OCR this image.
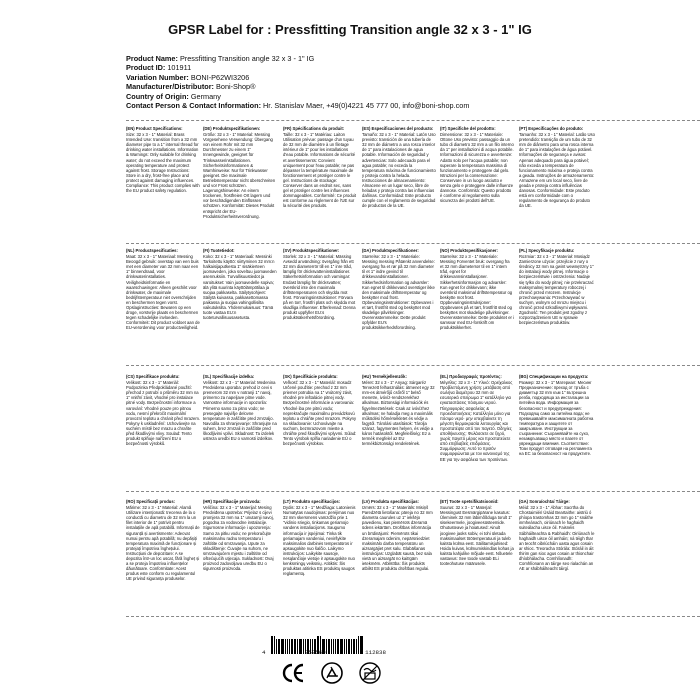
GPSR Label for : Pressfitting Transition angle 32 x 3 - 1" IG
Product Name: Pressfitting Transition angle 32 x 3 - 1" IG
Product ID: 101911
Variation Number: BONI-P62WI3206
Manufacturer/Distributor: Boni-Shop®
Country of Origin: Germany
Contact Person & Contact Information: Hr. Stanislav Maer, +49(0)4221 45 777 00, info@boni-shop.com
4	058569	112838
(EN) Product Specifications:
Size: 32 x 3 - 1" Material: Brass Intended Use: transition from a 32 mm diameter pipe to a 1" internal thread for drinking water installations. Information & Warnings: Only suitable for drinking water; do not exceed the maximum operating temperature and protect against frost. Storage Instructions: Store in a dry, frost-free place and protect against damaging influences. Compliance: This product complies with the EU product safety regulation.
(DE) Produktspezifikationen:
Größe: 32 x 3 - 1" Material: Messing Vorgesehene Verwendung: Übergang von einem Rohr mit 32 mm Durchmesser zu einem 1" Innengewinde, geeignet für Trinkwasserinstallationen. Sicherheitsinformationen & Warnhinweise: Nur für Trinkwasser geeignet. Die maximale Betriebstemperatur nicht überschreiten und vor Frost schützen. Lagerungshinweise: An einem trockenen, frostfreien Ort lagern und vor beschädigenden Einflüssen schützen. Konformität: Dieses Produkt entspricht der EU-Produktsicherheitsverordnung.
(FR) Spécifications du produit:
Taille: 32 x 3 - 1" Matériau: Laiton Utilisation prévue: passage d'un tuyau de 32 mm de diamètre à un filetage intérieur de 1" pour les installations d'eau potable. Informations de sécurité et avertissements: Convient uniquement pour l'eau potable; ne pas dépasser la température maximale de fonctionnement et protéger contre le gel. Instructions de stockage: Conserver dans un endroit sec, sans gel et protéger contre les influences dommageables. Conformité: Ce produit est conforme au règlement de l'UE sur la sécurité des produits.
(ES) Especificaciones del producto:
Tamaño: 32 x 3 - 1" Material: Latón Uso previsto: transición de una tubería de 32 mm de diámetro a una rosca interior de 1" para instalaciones de agua potable. Información de seguridad y advertencias: Solo adecuado para el agua potable; no exceda la temperatura máxima de funcionamiento y proteja contra la helada. Instrucciones de almacenamiento: Almacene en un lugar seco, libre de heladas y proteja contra las influencias dañinas. Conformidad: Este producto cumple con el reglamento de seguridad de productos de la UE.
(IT) Specifiche del prodotto:
Dimensione: 32 x 3 - 1" Materiale: Ottone Uso previsto: passaggio da un tubo di diametro 32 mm a un filo interno da 1" per installazioni di acqua potabile. Informazioni di sicurezza e avvertenze: Adatto solo per l'acqua potabile; non superare la temperatura massima di funzionamento e proteggere dal gelo. Istruzioni per la conservazione: Conservare in un luogo asciutto e senza gelo e proteggere dalle influenze dannose. Conformità: Questo prodotto è conforme al regolamento sulla sicurezza dei prodotti dell'UE.
(PT) Especificações do produto:
Tamanho: 32 x 3 - 1" Material: Latão Uso pretendido: transição de um tubo de 32 mm de diâmetro para uma rosca interna de 1" para instalações de água potável. Informações de segurança e avisos: Apenas adequado para água potável; não exceda a temperatura de funcionamento máxima e proteja contra a geada. Instruções de armazenamento: Armazene em um local seco, livre de geada e proteja contra influências danosas. Conformidade: Este produto está em conformidade com o regulamento de segurança do produto da UE.
(NL) Productspecificaties:
Maat: 32 x 3 - 1" Materiaal: Messing Beoogd gebruik: overstap van een buis met een diameter van 32 mm naar een 1" binnendraad, voor drinkwaterinstallaties. Veiligheidsinformatie en waarschuwingen: Alleen geschikt voor drinkwater, de maximale bedrijfstemperatuur niet overschrijden en beschermen tegen vorst. Opslaginstructies: Bewaren op een droge, vorstvrije plaats en beschermen tegen schadelijke invloeden. Conformiteit: Dit product voldoet aan de EU-verordening voor productveiligheid.
(FI) Tuotetiedot:
Koko: 32 x 3 - 1" Materiaali: Messinki Tarkoitettu käyttö: siirtyminen 32 mm:n halkaisijaputkesta 1" sisäkierteen juomaveden, joka soveltuu juomaveden asennuksiin. Turvallisuustiedot ja varoitukset: Vain juomavedelle sopiva; älä ylitä suurinta käyttölämpötilaa ja suojaa pakkaselta. Säilytysohjeet: Säilytä kuivassa, pakkasettomassa paikassa ja suojaa vahingollisilta vaikutuksilta. Yhdenmukaisuus: Tämä tuote vastaa EU:n tuoteturvallisuusasetusta.
(SV) Produktspecifikationer:
Storlek: 32 x 3 - 1" Material: Mässing Avsedd användning: övergång från ett 32 mm diameterrör till en 1" inre tråd, lämplig för dricksvatteninstallationer. Säkerhetsinformation och varningar: Endast lämplig för dricksvatten; överskrid inte den maximala driftstemperaturen och skydda mot frost. Förvaringsinstruktioner: Förvara på en torr, frostfri plats och skydda mot skadliga influenser. Efterlevnad: Denna produkt uppfyller EU:s produktsäkerhetsförordning.
(DA) Produktspecifikationer:
Størrelse: 32 x 3 - 1" Materiale: Messing messing Påtænkt anvendelse: overgang fra et rør på 32 mm diameter til et 1" indre gevind til drikkevandsinstallationer. Sikkerhedsinformation og advarsler: Kun egnet til drikkevand overstiger ikke den maksimale driftstemperatur og beskytter mod frost. Opbevaringsinstruktioner: Opbevares i et tørt, frostfrit sted og beskyttet mod skadelige påvirkninger. Overensstemmelse: Dette produkt opfylder EU's produktsikkerhedsforordning.
(NO) Produktspesifikasjoner:
Størrelse: 32 x 3 - 1" Materiale: Messing Forventet bruk: overgang fra et 32 mm diameterrør til en 1" intern tråd, egnet for drikkevannsinstallasjoner. Sikkerhetsinformasjon og advarsler: Kun egnet for drikkevann; ikke overskrid maksimal driftstemperatur og beskytte mot frost. Oppbevaringsinstruksjoner: Oppbevares på et tørt, frostfritt sted og beskyttes mot skadelige påvirkninger. Overensstemmelse: Dette produktet er i samsvar med EU-forskrift om produktsikkerhet.
(PL) Specyfikacje produktu:
Rozmiar: 32 x 3 - 1" Materiał: Mosiądz Zamierzone użycie: przejście z rury o średnicy 32 mm na gwint wewnętrzny 1" do instalacji wody pitnej. Informacje o bezpieczeństwie i ostrzeżenia: Nadaje się tylko do wody pitnej; nie przekraczać maksymalnej temperatury roboczej i chronić przed mrozem. Instrukcje przechowywania: Przechowywać w suchym, wolnym od mrozu miejscu i chronić przed szkodliwymi wpływami. Zgodność: Ten produkt jest zgodny z rozporządzeniem UE w sprawie bezpieczeństwa produktów.
(CS) Specifikace produktu:
Velikost: 32 x 3 - 1" Materiál: Podpozinka Předpokládané použití: přechod z potrubí o průměru 32 mm na 1" vnitřní závit, vhodné pro instalace pitné vody. Bezpečnostní informace a varování: Vhodné pouze pro pitnou vodu, nesmí překročit maximální provozní teplotu a chránit před mrazem. Pokyny k uskladnění: Uchovávejte na suchém místě bez mrazu a chraňte před škodlivými vlivy. Soulad: Tento produkt splňuje nařízení EU o bezpečnosti výrobků.
(SL) Specifikacije izdelka:
Velikost: 32 x 3 - 1" Material: Medenina Predvidena uporaba: prehod iz cevi s premerom 32 mm v notranji 1" navoj, primerno za napeljave pitne vode. Varnostne informacije in opozorila: Primerno samo za pitno vodo; ne presegajte najvišje delovne temperature in zaščitite pred zmrzaljo. Navodila za shranjevanje: Shranjujte na suhem, brez zmrzali in zaščitite pred škodljivimi vplivi. Skladnost: Ta izdelek ustreza uredbi EU o varnosti izdelkov.
(SK) Špecifikácie produktu:
Veľkosť: 32 x 3 - 1" Materiál: mosadz Určené použitie: prechod z 32 mm priemer potrubia na 1" vnútorný závit, vhodné pre inštalácie pitnej vody. Bezpečnostné informácie a varovania: Vhodné iba pre pitnú vodu; neprekračujte maximálnu prevádzkovú teplotu a chráňte pred mrazom. Pokyny na skladovanie: Uchovávajte na suchom, bezmrazovom mieste a chráňte pred škodlivými vplyvmi. Súlad: Tento výrobok spĺňa nariadenie EÚ o bezpečnosti výrobkov.
(HU) Termékjellemzők:
Méret: 32 x 3 - 1" Anyag: Sárgaréz Tervezett felhasználás: átmenet egy 32 mm-es átmérőjű csőről 1" belső menetre, ivóvíz-rendszerekhez alkalmas. Biztonsági információk és figyelmeztetések: Csak az ivóvízhez alkalmas; ne haladja meg a maximális működési hőmérsékletet és védje a fagytól. Tárolási utasítások: Tárolja száraz, fagymentes helyen, és védje a káros hatásoktól. Megfelelőség: Ez a termék megfelel az EU termékbiztonsági rendeletének.
(EL) Προδιαγραφές προϊόντος:
Μέγεθος: 32 x 3 - 1" Υλικό: Ορείχαλκος Προβλεπόμενη χρήση: μετάβαση από σωλήνα διαμέτρου 32 mm σε εσωτερικό σπείρωμα 1" κατάλληλο για εγκαταστάσεις πόσιμου νερού. Πληροφορίες ασφαλείας & προειδοποιήσεις: Κατάλληλο μόνο για πόσιμο νερό· μην υπερβαίνετε τη μέγιστη θερμοκρασία λειτουργίας και προστατέψτε από τον παγετό. Οδηγίες αποθήκευσης: Φυλάσσετε σε ξηρό, χωρίς παγετό μέρος και προστατεύετε από επιβλαβείς επιδράσεις. Συμμόρφωση: Αυτό το προϊόν συμμορφώνεται με τον κανονισμό της ΕΕ για την ασφάλεια των προϊόντων.
(BG) Спецификации на продукта:
Размер: 32 x 3 - 1" Материал: Месинг Предназначение: преход от тръба с диаметър 32 mm към 1" вътрешна резба, подходяща за инсталации за питейна вода. Информация за безопасност и предупреждения: Подходящ само за питейна вода; не превишавайте максималната работна температура и защитете от замръзване. Инструкции за съхранение: Съхранявайте на сухо, незамръзващо място и пазете от увреждащи влияния. Съответствие: Този продукт отговаря на регламента на ЕС за безопасност на продуктите.
(RO) Specificații produs:
Mărime: 32 x 3 - 1" Material: Alamă Utilizare intenționată: trecerea de la o conductă cu diametru de 32 mm la un filet interior de 1" potrivit pentru instalațiile de apă potabilă. Informații de siguranță și avertismente: Adecvat numai pentru apă potabilă; nu depășiți temperatura maximă de funcționare și protejați împotriva înghețului. Instrucțiuni de depozitare: A se depozita într-un loc uscat, fără îngheț și a se proteja împotriva influențelor dăunătoare. Conformitate: Acest produs este conform cu regulamentul UE privind siguranța produselor.
(HR) Specifikacije proizvoda:
Veličina: 32 x 3 - 1" Materijal: Mesing Predviđena upotreba: Prijelaz s cijevi promjera 32 mm na 1" unutarnji navoj, pogodna za vodovodne instalacije. Sigurnosne informacije i upozorenja: Samo za pitku vodu; ne prekoračujte maksimalnu radnu temperaturu i zaštitite od smrzavanja. Upute za skladištenje: Čuvajte na suhom, ne smrzavajućem mjestu i zaštitite od oštećujućih utjecaja. Sukladnost: Ovaj proizvod zadovoljava uredbu EU o sigurnosti proizvoda.
(LT) Produkto specifikacijos:
Dydis: 32 x 3 - 1" Medžiaga: Latonienis Numatytas naudojimas: perėjimas nuo 32 mm skersmens vamzdžio prie 1 "vidinio sriegio, tinkamas geriamojo vandens instaliacijoms. Saugumo informacija ir įspėjimai: Tinka tik geriamajam vandeniui, neviršykite maksimalios darbinės temperatūros ir apsaugokite nuo šalčio. Laikymo instrukcijos: Laikykite sausoje, nesąlančioje vietoje ir apsaugokite nuo kenksmingų veiksnių. Atitiktis: Šis produktas atitinka ES produktų saugos reglamentą.
(LV) Produkta specifikācijas:
Izmērs: 32 x 3 - 1" Materiāls: Misiņš Paredzētā lietošana: pāreja no 32 mm diametra caurules uz 1" iekšējo pavedienu, kas piemērots dzeramā ūdens iekārtām. Drošības informācija un brīdinājumi: Piemērots tikai dzeramajam ūdenim, nepārsniedziet maksimālo darba temperatūru un aizsargājiet pret salu. Glabāšanas instrukcijas: Uzglabāt sausā, bez sala vietā un aizsargāt no kaitīgām ietekmēm. Atbilstība: Šis produkts atbilst ES produktu drošības regulai.
(ET) Toote spetsifikatsioonid:
Suurus: 32 x 3 - 1" Materjal: Messingust Eesmärgipärane kasutus: Üleminek 32 mm läbimõõduga torult 1" sisekeermele, joogiveesüsteemide. Ohutusteave ja hoiatused: Ainult joogivee jaoks sobiv, ei tohi ületada maksimaalset töötemperatuuri ja tuleb kaitsta külma eest. Säilitamisjuhised: Hoida kuivas, külmumiskindlas kohas ja kaitsta kahjulike mõjude eest. Nõuetele vastavus: See toode vastab ELi tooteohutuse määrusele.
(GA) Sonraíochtaí Táirge:
Méid: 32 x 3 - 1" Ábhar: Sacrtha do Chostaimiéri Úsáid Beartaithe: aistriú ó phíopa trastomhas 32 mm go 1" snáithe inmheánach, oiriúnach le haghaidh suiteálacha uisce óil. Faisnéis Sábháilteachta & Rabhaidh: Oiriúnach le haghaidh uisce óil amháin; ná téigh thar an teocht oibriúcháin uasta agus cosain ar shioc. Treoracha Stórála: Stóráil in áit thirim gan sioc agus cosain ar thionchair dhíobhálacha. Comhlíonadh: Comhlíonann an táirge seo rialachán an AE ar shábháilteacht táirgí.
